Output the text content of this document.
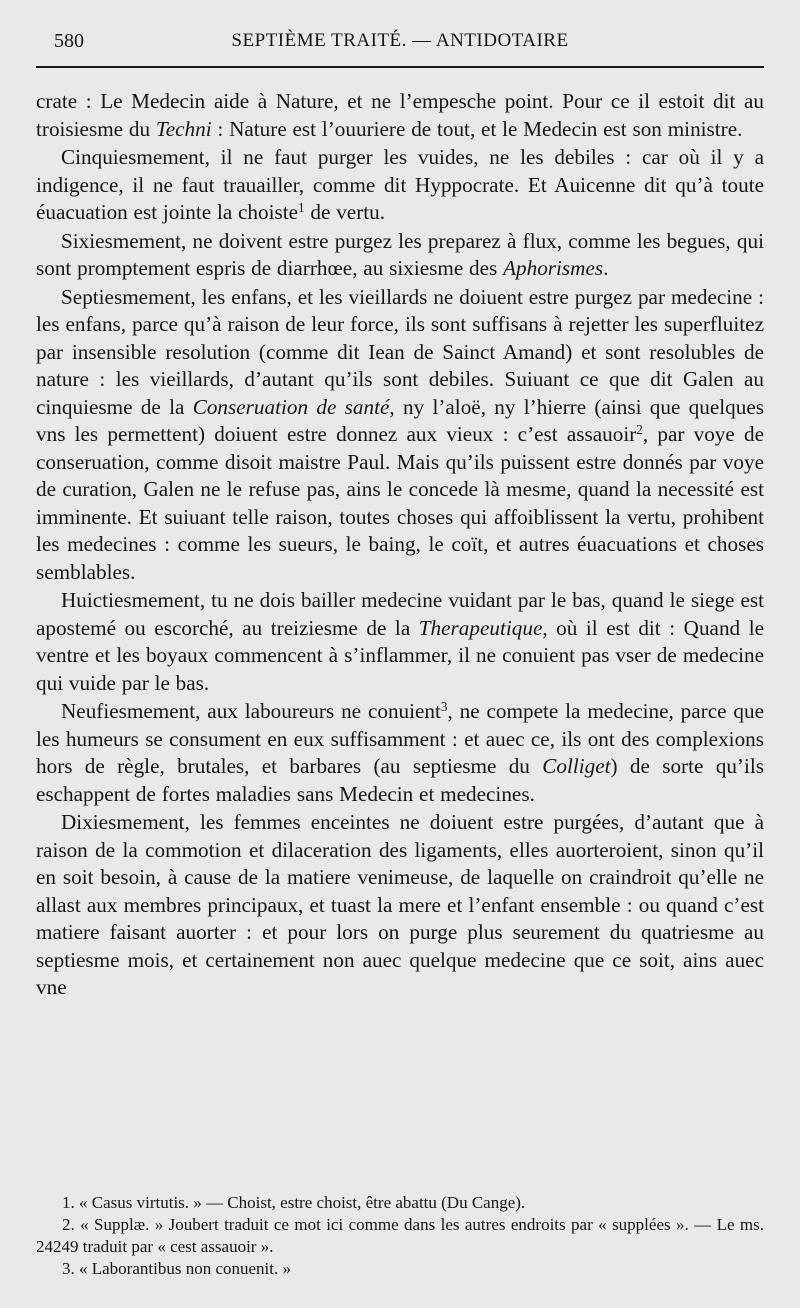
580	SEPTIÈME TRAITÉ. — ANTIDOTAIRE

crate : Le Medecin aide à Nature, et ne l’empesche point. Pour ce il estoit dit au troisiesme du Techni : Nature est l’ouuriere de tout, et le Medecin est son ministre.

Cinquiesmement, il ne faut purger les vuides, ne les debiles : car où il y a indigence, il ne faut trauailler, comme dit Hyppocrate. Et Auicenne dit qu’à toute éuacuation est jointe la choiste$^1$ de vertu.

Sixiesmement, ne doivent estre purgez les preparez à flux, comme les begues, qui sont promptement espris de diarrhœe, au sixiesme des Aphorismes.

Septiesmement, les enfans, et les vieillards ne doiuent estre purgez par medecine : les enfans, parce qu’à raison de leur force, ils sont suffisans à rejetter les superfluitez par insensible resolution (comme dit Iean de Sainct Amand) et sont resolubles de nature : les vieillards, d’autant qu’ils sont debiles. Suiuant ce que dit Galen au cinquiesme de la Conseruation de santé, ny l’aloë, ny l’hierre (ainsi que quelques vns les permettent) doiuent estre donnez aux vieux : c’est assauoir$^2$, par voye de conseruation, comme disoit maistre Paul. Mais qu’ils puissent estre donnés par voye de curation, Galen ne le refuse pas, ains le concede là mesme, quand la necessité est imminente. Et suiuant telle raison, toutes choses qui affoiblissent la vertu, prohibent les medecines : comme les sueurs, le baing, le coït, et autres éuacuations et choses semblables.

Huictiesmement, tu ne dois bailler medecine vuidant par le bas, quand le siege est apostemé ou escorché, au treiziesme de la Therapeutique, où il est dit : Quand le ventre et les boyaux commencent à s’inflammer, il ne conuient pas vser de medecine qui vuide par le bas.

Neufiesmement, aux laboureurs ne conuient$^3$, ne compete la medecine, parce que les humeurs se consument en eux suffisamment : et auec ce, ils ont des complexions hors de règle, brutales, et barbares (au septiesme du Colliget) de sorte qu’ils eschappent de fortes maladies sans Medecin et medecines.

Dixiesmement, les femmes enceintes ne doiuent estre purgées, d’autant que à raison de la commotion et dilaceration des ligaments, elles auorteroient, sinon qu’il en soit besoin, à cause de la matiere venimeuse, de laquelle on craindroit qu’elle ne allast aux membres principaux, et tuast la mere et l’enfant ensemble : ou quand c’est matiere faisant auorter : et pour lors on purge plus seurement du quatriesme au septiesme mois, et certainement non auec quelque medecine que ce soit, ains auec vne

1. « Casus virtutis. » — Choist, estre choist, être abattu (Du Cange).

2. « Supplæ. » Joubert traduit ce mot ici comme dans les autres endroits par « supplées ». — Le ms. 24249 traduit par « cest assauoir ».

3. « Laborantibus non conuenit. »
